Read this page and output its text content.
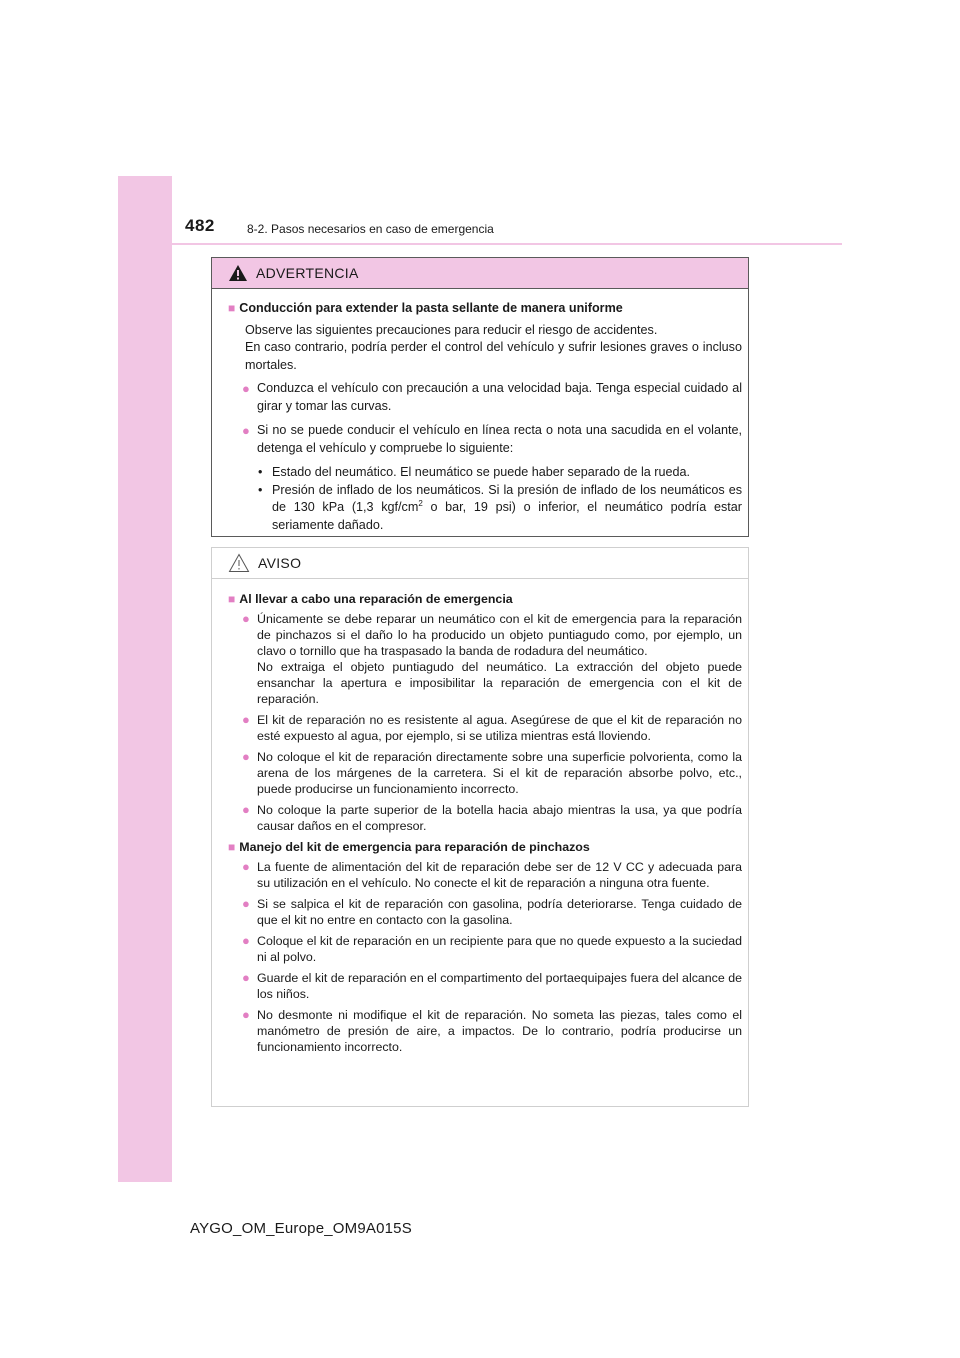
482	8-2. Pasos necesarios en caso de emergencia
ADVERTENCIA
■ Conducción para extender la pasta sellante de manera uniforme
Observe las siguientes precauciones para reducir el riesgo de accidentes.
En caso contrario, podría perder el control del vehículo y sufrir lesiones graves o incluso mortales.
● Conduzca el vehículo con precaución a una velocidad baja. Tenga especial cuidado al girar y tomar las curvas.
● Si no se puede conducir el vehículo en línea recta o nota una sacudida en el volante, detenga el vehículo y compruebe lo siguiente:
• Estado del neumático. El neumático se puede haber separado de la rueda.
• Presión de inflado de los neumáticos. Si la presión de inflado de los neumáticos es de 130 kPa (1,3 kgf/$cm^2$ o bar, 19 psi) o inferior, el neumático podría estar seriamente dañado.
AVISO
■ Al llevar a cabo una reparación de emergencia
● Únicamente se debe reparar un neumático con el kit de emergencia para la reparación de pinchazos si el daño lo ha producido un objeto puntiagudo como, por ejemplo, un clavo o tornillo que ha traspasado la banda de rodadura del neumático.
No extraiga el objeto puntiagudo del neumático. La extracción del objeto puede ensanchar la apertura e imposibilitar la reparación de emergencia con el kit de reparación.
● El kit de reparación no es resistente al agua. Asegúrese de que el kit de reparación no esté expuesto al agua, por ejemplo, si se utiliza mientras está lloviendo.
● No coloque el kit de reparación directamente sobre una superficie polvorienta, como la arena de los márgenes de la carretera. Si el kit de reparación absorbe polvo, etc., puede producirse un funcionamiento incorrecto.
● No coloque la parte superior de la botella hacia abajo mientras la usa, ya que podría causar daños en el compresor.
■ Manejo del kit de emergencia para reparación de pinchazos
● La fuente de alimentación del kit de reparación debe ser de 12 V CC y adecuada para su utilización en el vehículo. No conecte el kit de reparación a ninguna otra fuente.
● Si se salpica el kit de reparación con gasolina, podría deteriorarse. Tenga cuidado de que el kit no entre en contacto con la gasolina.
● Coloque el kit de reparación en un recipiente para que no quede expuesto a la suciedad ni al polvo.
● Guarde el kit de reparación en el compartimento del portaequipajes fuera del alcance de los niños.
● No desmonte ni modifique el kit de reparación. No someta las piezas, tales como el manómetro de presión de aire, a impactos. De lo contrario, podría producirse un funcionamiento incorrecto.
AYGO_OM_Europe_OM9A015S
